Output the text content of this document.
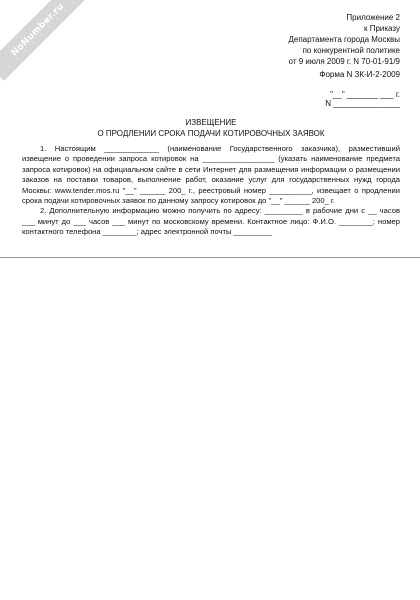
NoNumber.ru	Приложение 2
к Приказу
Департамента города Москвы
по конкурентной политике
от 9 июля 2009 г. N 70-01-91/9
Форма N ЗК-И-2-2009
"__" _______ ___ г.
N _______________
ИЗВЕЩЕНИЕ
О ПРОДЛЕНИИ СРОКА ПОДАЧИ КОТИРОВОЧНЫХ ЗАЯВОК

1. Настоящим _____________ (наименование Государственного заказчика), разместивший извещение о проведении запроса котировок на _________________ (указать наименование предмета запроса котировок) на официальном сайте в сети Интернет для размещения информации о размещении заказов на поставки товаров, выполнение работ, оказание услуг для государственных нужд города Москвы: www.tender.mos.ru "__" ______ 200_ г., реестровый номер __________, извещает о продлении срока подачи котировочных заявок по данному запросу котировок до "__" ______ 200_ г.

2. Дополнительную информацию можно получить по адресу: _________ в рабочие дни с __ часов ___ минут до ___ часов ___ минут по московскому времени. Контактное лицо: Ф.И.О. ________; номер контактного телефона ________; адрес электронной почты _________
